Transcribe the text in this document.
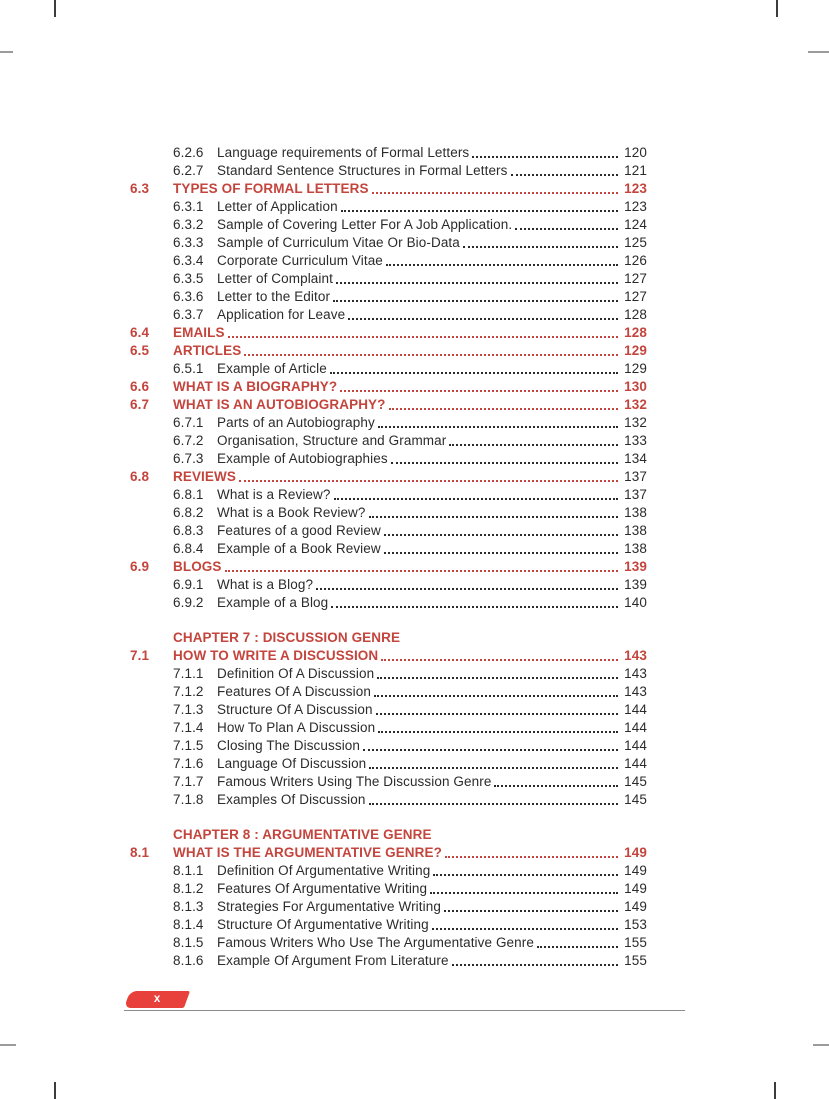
6.2.6 Language requirements of Formal Letters	120
6.2.7 Standard Sentence Structures in Formal Letters	121
6.3	TYPES OF FORMAL LETTERS	123
6.3.1 Letter of Application	123
6.3.2 Sample of Covering Letter For A Job Application.	124
6.3.3 Sample of Curriculum Vitae Or Bio-Data	125
6.3.4 Corporate Curriculum Vitae	126
6.3.5 Letter of Complaint	127
6.3.6 Letter to the Editor	127
6.3.7 Application for Leave	128
6.4	EMAILS	128
6.5	ARTICLES	129
6.5.1 Example of Article	129
6.6	WHAT IS A BIOGRAPHY?	130
6.7	WHAT IS AN AUTOBIOGRAPHY?	132
6.7.1 Parts of an Autobiography	132
6.7.2 Organisation, Structure and Grammar	133
6.7.3 Example of Autobiographies	134
6.8	REVIEWS	137
6.8.1 What is a Review?	137
6.8.2 What is a Book Review?	138
6.8.3 Features of a good Review	138
6.8.4 Example of a Book Review	138
6.9	BLOGS	139
6.9.1 What is a Blog?	139
6.9.2 Example of a Blog	140
CHAPTER 7 : DISCUSSION GENRE
7.1	HOW TO WRITE A DISCUSSION	143
7.1.1 Definition Of A Discussion	143
7.1.2 Features Of A Discussion	143
7.1.3 Structure Of A Discussion	144
7.1.4 How To Plan A Discussion	144
7.1.5 Closing The Discussion	144
7.1.6 Language Of Discussion	144
7.1.7 Famous Writers Using The Discussion Genre	145
7.1.8 Examples Of Discussion	145
CHAPTER 8 : ARGUMENTATIVE GENRE
8.1	WHAT IS THE ARGUMENTATIVE GENRE?	149
8.1.1 Definition Of Argumentative Writing	149
8.1.2 Features Of Argumentative Writing	149
8.1.3 Strategies For Argumentative Writing	149
8.1.4 Structure Of Argumentative Writing	153
8.1.5 Famous Writers Who Use The Argumentative Genre	155
8.1.6 Example Of Argument From Literature	155
x
